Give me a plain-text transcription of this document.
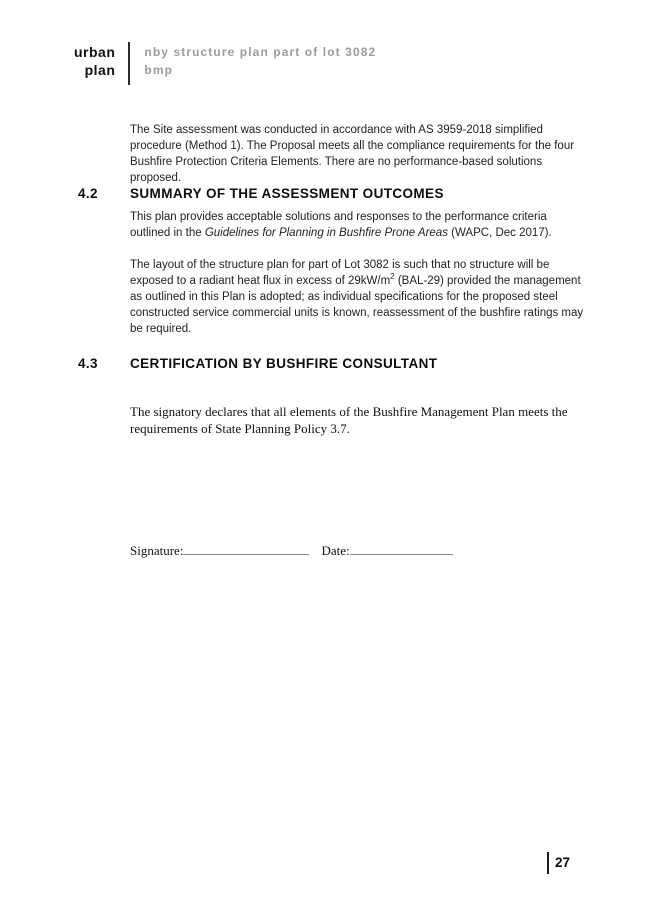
urban
plan
nby structure plan part of lot 3082
bmp

The Site assessment was conducted in accordance with AS 3959-2018 simplified procedure (Method 1). The Proposal meets all the compliance requirements for the four Bushfire Protection Criteria Elements. There are no performance-based solutions proposed.

4.2 SUMMARY OF THE ASSESSMENT OUTCOMES

This plan provides acceptable solutions and responses to the performance criteria outlined in the Guidelines for Planning in Bushfire Prone Areas (WAPC, Dec 2017).

The layout of the structure plan for part of Lot 3082 is such that no structure will be exposed to a radiant heat flux in excess of $29kW/m^2$ (BAL-29) provided the management as outlined in this Plan is adopted; as individual specifications for the proposed steel constructed service commercial units is known, reassessment of the bushfire ratings may be required.

4.3 CERTIFICATION BY BUSHFIRE CONSULTANT

The signatory declares that all elements of the Bushfire Management Plan meets the requirements of State Planning Policy 3.7.

Signature:	Date:
27
